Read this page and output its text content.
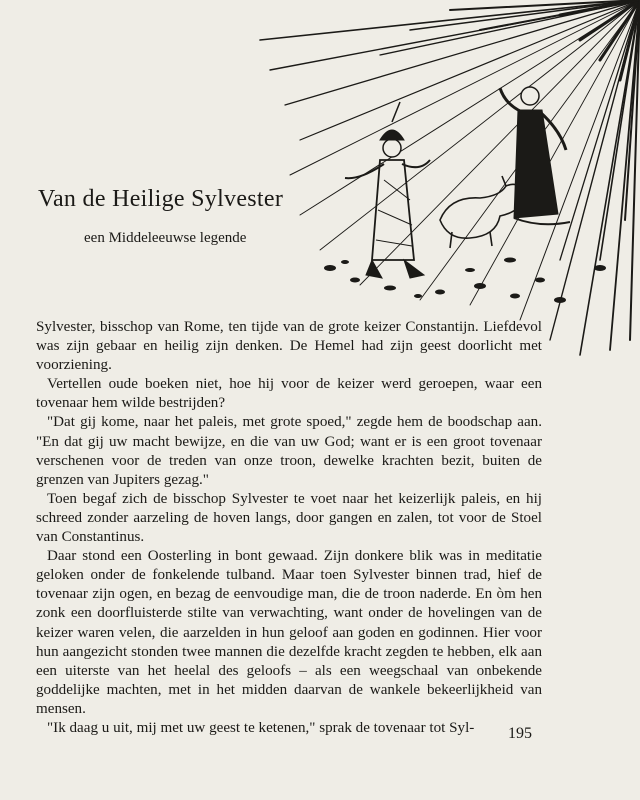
Van de Heilige Sylvester
een Middeleeuwse legende

Sylvester, bisschop van Rome, ten tijde van de grote keizer Constantijn. Liefdevol was zijn gebaar en heilig zijn denken. De Hemel had zijn geest doorlicht met voorziening.

Vertellen oude boeken niet, hoe hij voor de keizer werd geroepen, waar een tovenaar hem wilde bestrijden?

"Dat gij kome, naar het paleis, met grote spoed," zegde hem de boodschap aan. "En dat gij uw macht bewijze, en die van uw God; want er is een groot tovenaar verschenen voor de treden van onze troon, dewelke krachten bezit, buiten de grenzen van Jupiters gezag."

Toen begaf zich de bisschop Sylvester te voet naar het keizerlijk paleis, en hij schreed zonder aarzeling de hoven langs, door gangen en zalen, tot voor de Stoel van Constantinus.

Daar stond een Oosterling in bont gewaad. Zijn donkere blik was in meditatie geloken onder de fonkelende tulband. Maar toen Sylvester binnen trad, hief de tovenaar zijn ogen, en bezag de eenvoudige man, die de troon naderde. En òm hen zonk een doorfluisterde stilte van verwachting, want onder de hovelingen van de keizer waren velen, die aarzelden in hun geloof aan goden en godinnen. Hier voor hun aangezicht stonden twee mannen die dezelfde kracht zegden te hebben, elk aan een uiterste van het heelal des geloofs – als een weegschaal van onbekende goddelijke machten, met in het midden daarvan de wankele bekeerlijkheid van mensen.

"Ik daag u uit, mij met uw geest te ketenen," sprak de tovenaar tot Syl-	195
